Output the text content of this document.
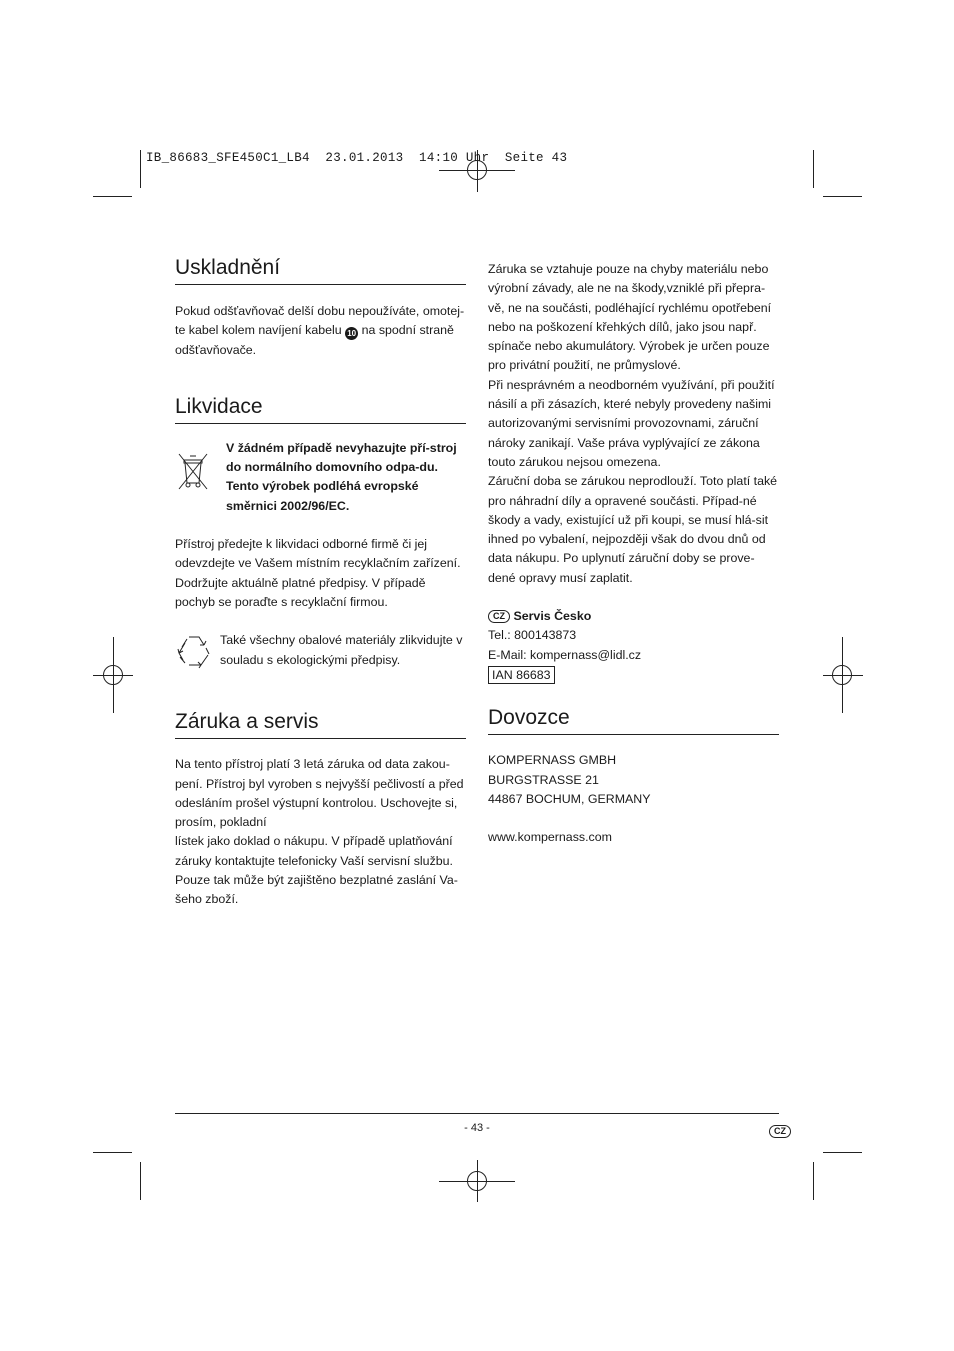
IB_86683_SFE450C1_LB4  23.01.2013  14:10 Uhr  Seite 43
Uskladnění

Pokud odšťavňovač delší dobu nepoužíváte, omotej-te kabel kolem navíjení kabelu 10 na spodní straně odšťavňovače.

Likvidace

V žádném případě nevyhazujte pří-stroj do normálního domovního odpa-du. Tento výrobek podléhá evropské směrnici 2002/96/EC.

Přístroj předejte k likvidaci odborné firmě či jej odevzdejte ve Vašem místním recyklačním zařízení. Dodržujte aktuálně platné předpisy. V případě pochyb se poraďte s recyklační firmou.

Také všechny obalové materiály zlikvidujte v souladu s ekologickými předpisy.

Záruka a servis

Na tento přístroj platí 3 letá záruka od data zakou-pení. Přístroj byl vyroben s nejvyšší pečlivostí a před odesláním prošel výstupní kontrolou. Uschovejte si, prosím, pokladní

lístek jako doklad o nákupu. V případě uplatňování záruky kontaktujte telefonicky Vaší servisní službu. Pouze tak může být zajištěno bezplatné zaslání Va-šeho zboží.

Záruka se vztahuje pouze na chyby materiálu nebo výrobní závady, ale ne na škody,vzniklé při přepra-vě, ne na součásti, podléhající rychlému opotřebení nebo na poškození křehkých dílů, jako jsou např. spínače nebo akumulátory. Výrobek je určen pouze pro privátní použití, ne průmyslové.

Při nesprávném a neodborném využívání, při použití násilí a při zásazích, které nebyly provedeny našimi autorizovanými servisními provozovnami, záruční nároky zanikají. Vaše práva vyplývající ze zákona touto zárukou nejsou omezena.

Záruční doba se zárukou neprodlouží. Toto platí také pro náhradní díly a opravené součásti. Případ-né škody a vady, existující už při koupi, se musí hlá-sit ihned po vybalení, nejpozději však do dvou dnů od data nákupu. Po uplynutí záruční doby se prove-dené opravy musí zaplatit.

CZ Servis Česko

Tel.: 800143873

E-Mail: kompernass@lidl.cz

IAN 86683

Dovozce

KOMPERNASS GMBH

BURGSTRASSE 21

44867 BOCHUM, GERMANY

www.kompernass.com

- 43 -	CZ
